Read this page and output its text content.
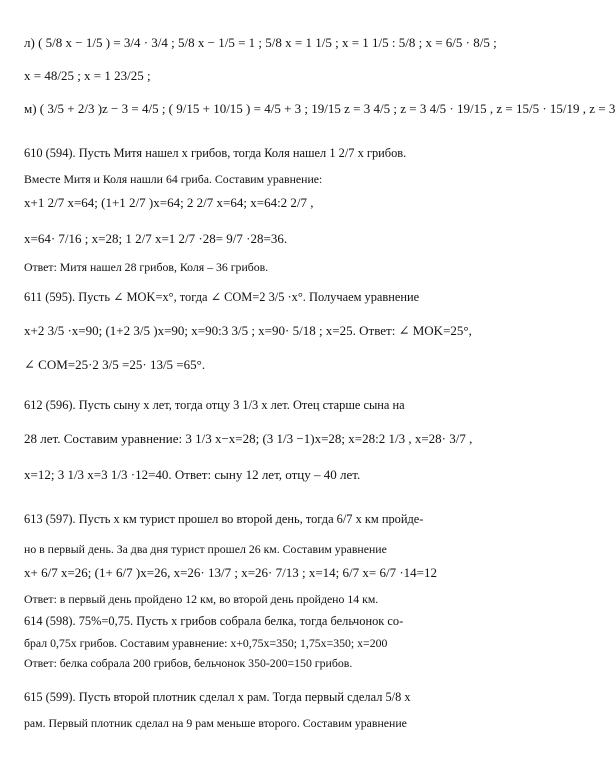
л) ( 5/8 x − 1/5 ) = 3/4 · 3/4 ; 5/8 x − 1/5 = 1 ; 5/8 x = 1 1/5 ; x = 1 1/5 : 5/8 ; x = 6/5 · 8/5 ;
x = 48/25 ; x = 1 23/25 ;
м) ( 3/5 + 2/3 )z − 3 = 4/5 ; ( 9/15 + 10/15 ) = 4/5 + 3 ; 19/15 z = 3 4/5 ; z = 3 4/5 · 19/15 , z = 15/5 · 15/19 , z = 3
610 (594). Пусть Митя нашел x грибов, тогда Коля нашел 1 2/7 x грибов.
Вместе Митя и Коля нашли 64 гриба. Составим уравнение:
x+1 2/7 x=64; (1+1 2/7 )x=64; 2 2/7 x=64; x=64:2 2/7 ,
x=64· 7/16 ; x=28; 1 2/7 x=1 2/7 ·28= 9/7 ·28=36.
Ответ: Митя нашел 28 грибов, Коля – 36 грибов.
611 (595). Пусть ∠ MOK=x°, тогда ∠ COM=2 3/5 ·x°. Получаем уравнение
x+2 3/5 ·x=90; (1+2 3/5 )x=90; x=90:3 3/5 ; x=90· 5/18 ; x=25. Ответ: ∠ MOK=25°,
∠ COM=25·2 3/5 =25· 13/5 =65°.
612 (596). Пусть сыну x лет, тогда отцу 3 1/3 x лет. Отец старше сына на
28 лет. Составим уравнение: 3 1/3 x−x=28; (3 1/3 −1)x=28; x=28:2 1/3 , x=28· 3/7 ,
x=12; 3 1/3 x=3 1/3 ·12=40. Ответ: сыну 12 лет, отцу – 40 лет.
613 (597). Пусть x км турист прошел во второй день, тогда 6/7 x км пройде-
но в первый день. За два дня турист прошел 26 км. Составим уравнение
x+ 6/7 x=26; (1+ 6/7 )x=26, x=26· 13/7 ; x=26· 7/13 ; x=14; 6/7 x= 6/7 ·14=12
Ответ: в первый день пройдено 12 км, во второй день пройдено 14 км.
614 (598). 75%=0,75. Пусть x грибов собрала белка, тогда бельчонок со-
брал 0,75x грибов. Составим уравнение: x+0,75x=350; 1,75x=350; x=200
Ответ: белка собрала 200 грибов, бельчонок 350-200=150 грибов.
615 (599). Пусть второй плотник сделал x рам. Тогда первый сделал 5/8 x
рам. Первый плотник сделал на 9 рам меньше второго. Составим уравнение
